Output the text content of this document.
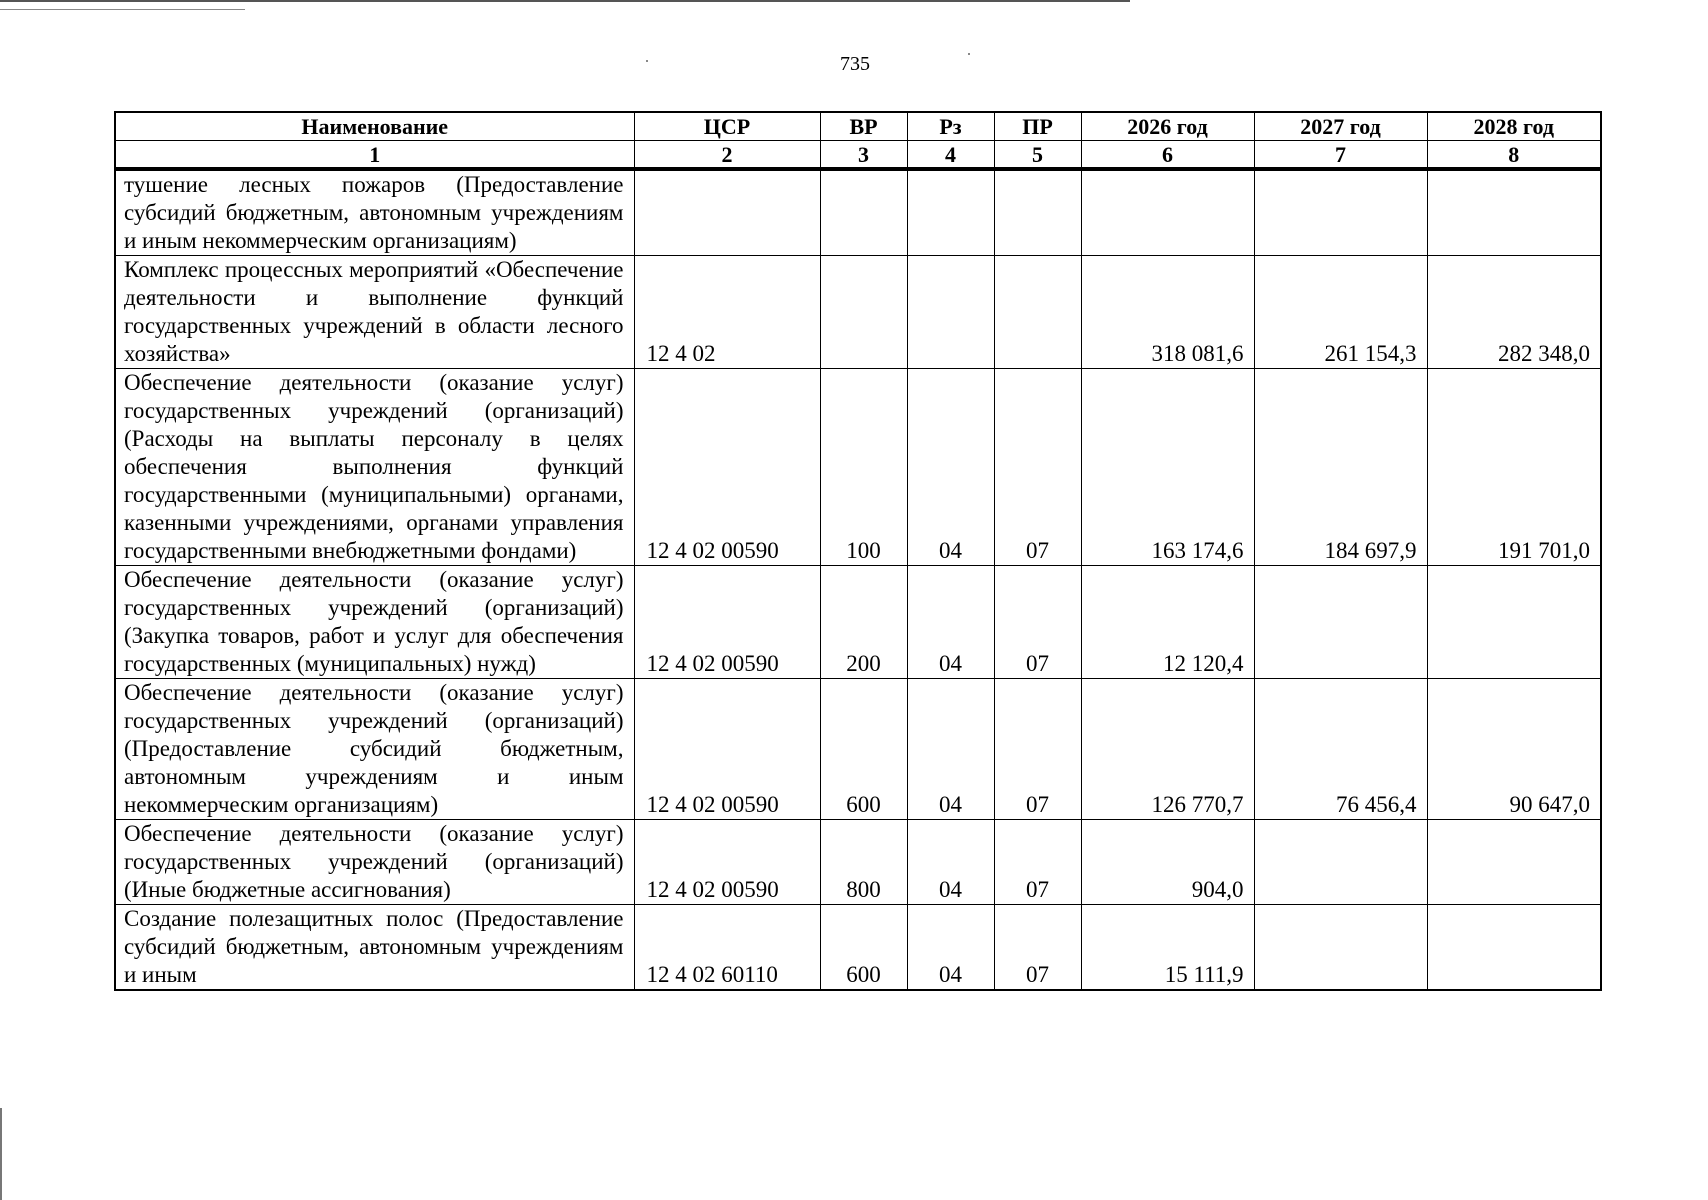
735
Наименование	ЦСР	ВР	Рз	ПР	2026 год	2027 год	2028 год
1	2	3	4	5	6	7	8
тушение лесных пожаров (Предоставление субсидий бюджетным, автономным учреждениям и иным некоммерческим организациям)							
Комплекс процессных мероприятий «Обеспечение деятельности и выполнение функций государственных учреждений в области лесного хозяйства»	12 4 02				318 081,6	261 154,3	282 348,0
Обеспечение деятельности (оказание услуг) государственных учреждений (организаций) (Расходы на выплаты персоналу в целях обеспечения выполнения функций государственными (муниципальными) органами, казенными учреждениями, органами управления государственными внебюджетными фондами)	12 4 02 00590	100	04	07	163 174,6	184 697,9	191 701,0
Обеспечение деятельности (оказание услуг) государственных учреждений (организаций) (Закупка товаров, работ и услуг для обеспечения государственных (муниципальных) нужд)	12 4 02 00590	200	04	07	12 120,4		
Обеспечение деятельности (оказание услуг) государственных учреждений (организаций) (Предоставление субсидий бюджетным, автономным учреждениям и иным некоммерческим организациям)	12 4 02 00590	600	04	07	126 770,7	76 456,4	90 647,0
Обеспечение деятельности (оказание услуг) государственных учреждений (организаций) (Иные бюджетные ассигнования)	12 4 02 00590	800	04	07	904,0		
Создание полезащитных полос (Предоставление субсидий бюджетным, автономным учреждениям и иным	12 4 02 60110	600	04	07	15 111,9		
